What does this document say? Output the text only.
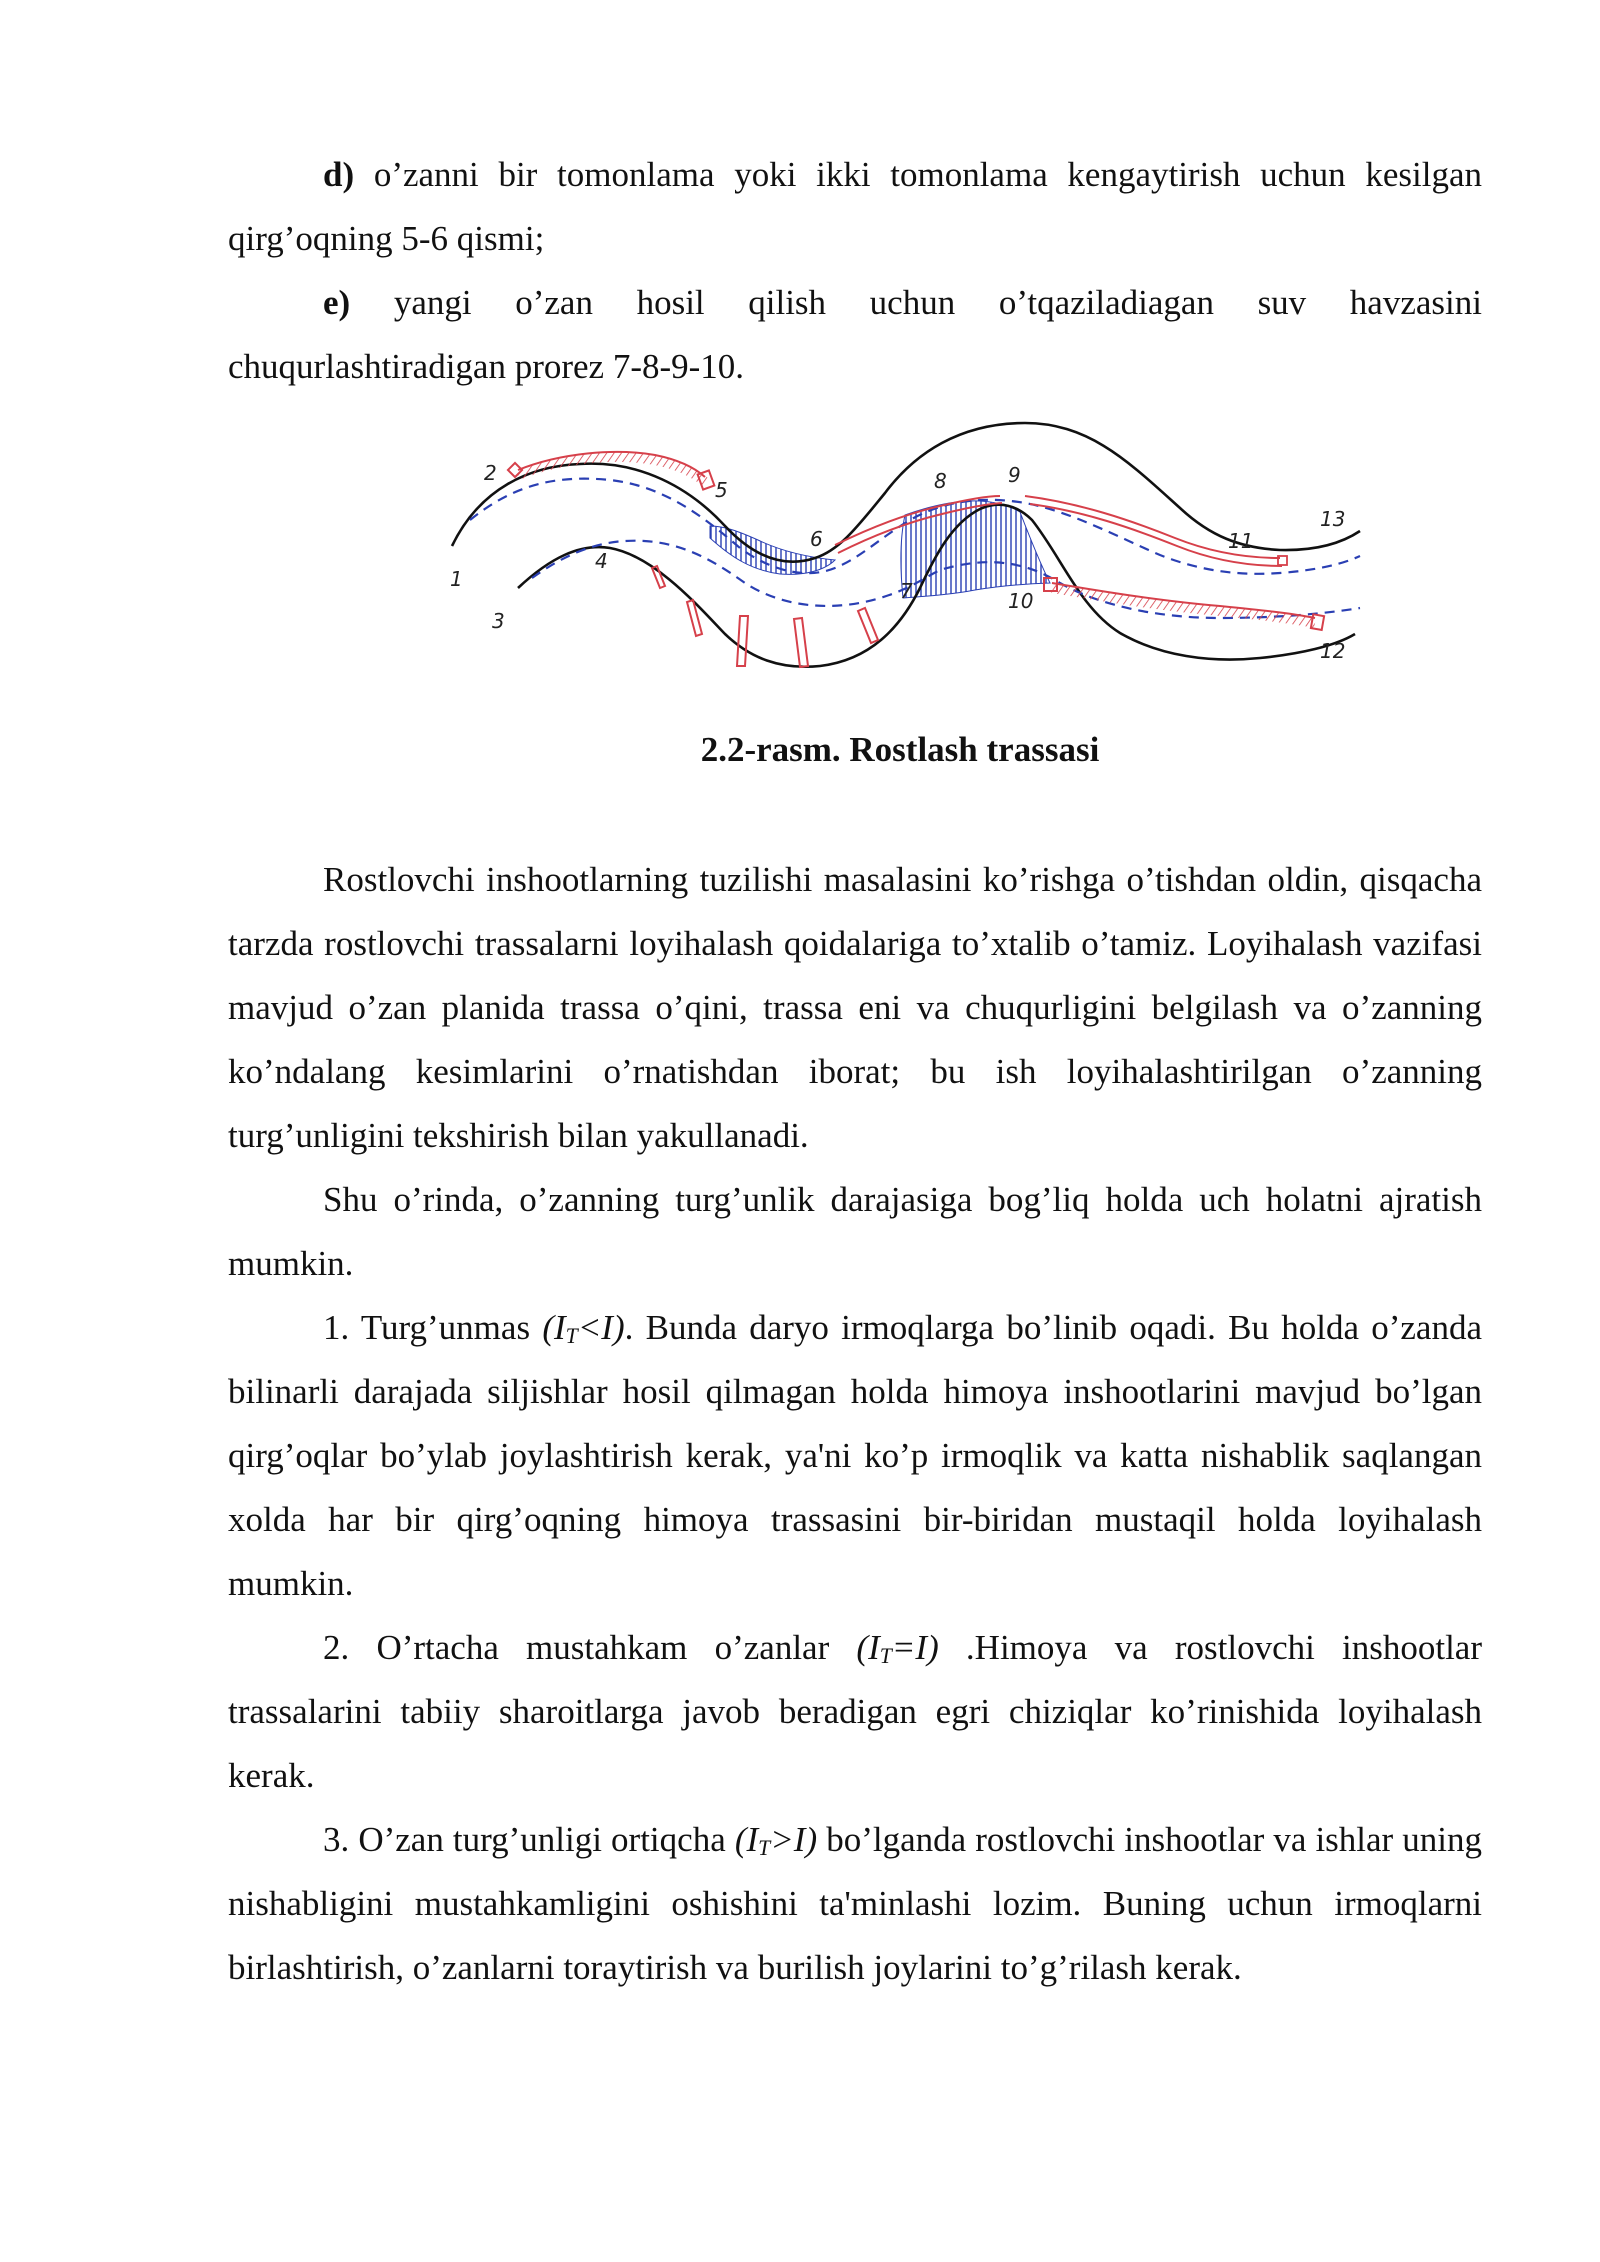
d) o’zanni bir tomonlama yoki ikki tomonlama kengaytirish uchun kesilgan qirg’oqning 5-6 qismi;

e) yangi o’zan hosil qilish uchun o’tqaziladiagan suv havzasini chuqurlashtiradigan prorez 7-8-9-10.

2
1
3
4
5
6
7
8	9
10
11
12
13
2.2-rasm. Rostlash trassasi

Rostlovchi inshootlarning tuzilishi masalasini ko’rishga o’tishdan oldin, qisqacha tarzda rostlovchi trassalarni loyihalash qoidalariga to’xtalib o’tamiz. Loyihalash vazifasi mavjud o’zan planida trassa o’qini, trassa eni va chuqurligini belgilash va o’zanning ko’ndalang kesimlarini o’rnatishdan iborat; bu ish loyihalashtirilgan o’zanning turg’unligini tekshirish bilan yakullanadi.

Shu o’rinda, o’zanning turg’unlik darajasiga bog’liq holda uch holatni ajratish mumkin.

1. Turg’unmas $(I_T<I)$. Bunda daryo irmoqlarga bo’linib oqadi. Bu holda o’zanda bilinarli darajada siljishlar hosil qilmagan holda himoya inshootlarini mavjud bo’lgan qirg’oqlar bo’ylab joylashtirish kerak, ya'ni ko’p irmoqlik va katta nishablik saqlangan xolda har bir qirg’oqning himoya trassasini bir-biridan mustaqil holda loyihalash mumkin.

2. O’rtacha mustahkam o’zanlar $(I_T=I)$ .Himoya va rostlovchi inshootlar trassalarini tabiiy sharoitlarga javob beradigan egri chiziqlar ko’rinishida loyihalash kerak.

3. O’zan turg’unligi ortiqcha $(I_T>I)$ bo’lganda rostlovchi inshootlar va ishlar uning nishabligini mustahkamligini oshishini ta'minlashi lozim. Buning uchun irmoqlarni birlashtirish, o’zanlarni toraytirish va burilish joylarini to’g’rilash kerak.
